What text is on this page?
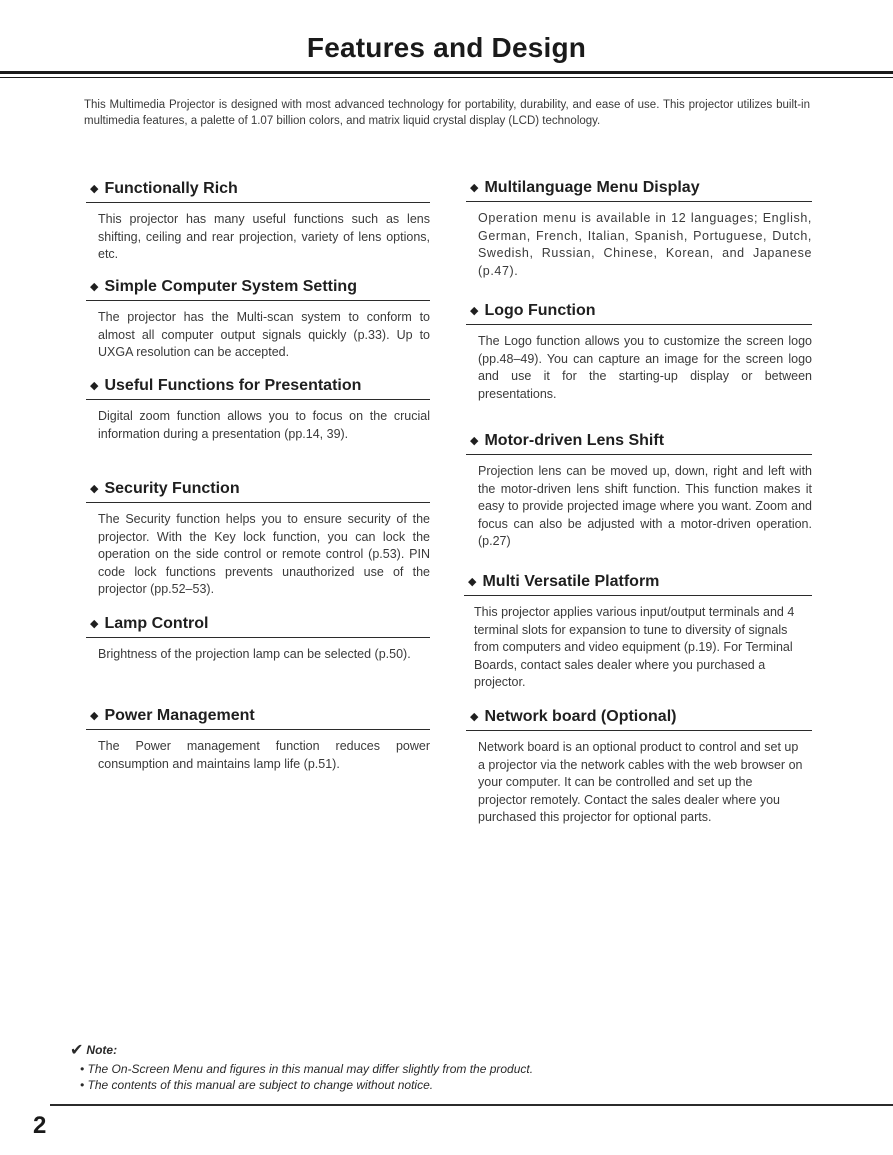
Features and Design

This Multimedia Projector is designed with most advanced technology for portability, durability, and ease of use. This projector utilizes built-in multimedia features, a palette of 1.07 billion colors, and matrix liquid crystal display (LCD) technology.

◆ Functionally Rich

This projector has many useful functions such as lens shifting, ceiling and rear projection, variety of lens options, etc.

◆ Simple Computer System Setting

The projector has the Multi-scan system to conform to almost all computer output signals quickly (p.33). Up to UXGA resolution can be accepted.

◆ Useful Functions for Presentation

Digital zoom function allows you to focus on the crucial information during a presentation (pp.14, 39).

◆ Security Function

The Security function helps you to ensure security of the projector. With the Key lock function, you can lock the operation on the side control or remote control (p.53). PIN code lock functions prevents unauthorized use of the projector (pp.52–53).

◆ Lamp Control

Brightness of the projection lamp can be selected (p.50).

◆ Power Management

The Power management function reduces power consumption and maintains lamp life (p.51).

◆ Multilanguage Menu Display

Operation menu is available in 12 languages; English, German, French, Italian, Spanish, Portuguese, Dutch, Swedish, Russian, Chinese, Korean, and Japanese (p.47).

◆ Logo Function

The Logo function allows you to customize the screen logo (pp.48–49). You can capture an image for the screen logo and use it for the starting-up display or between presentations.

◆ Motor-driven Lens Shift

Projection lens can be moved up, down, right and left with the motor-driven lens shift function. This function makes it easy to provide projected image where you want. Zoom and focus can also be adjusted with a motor-driven operation. (p.27)

◆ Multi Versatile Platform

This projector applies various input/output terminals and 4 terminal slots for expansion to tune to diversity of signals from computers and video equipment (p.19). For Terminal Boards, contact sales dealer where you purchased a projector.

◆ Network board (Optional)

Network board is an optional product to control and set up a projector via the network cables with the web browser on your computer. It can be controlled and set up the projector remotely. Contact the sales dealer where you purchased this projector for optional parts.

✔ Note:
• The On-Screen Menu and figures in this manual may differ slightly from the product.
• The contents of this manual are subject to change without notice.
2
